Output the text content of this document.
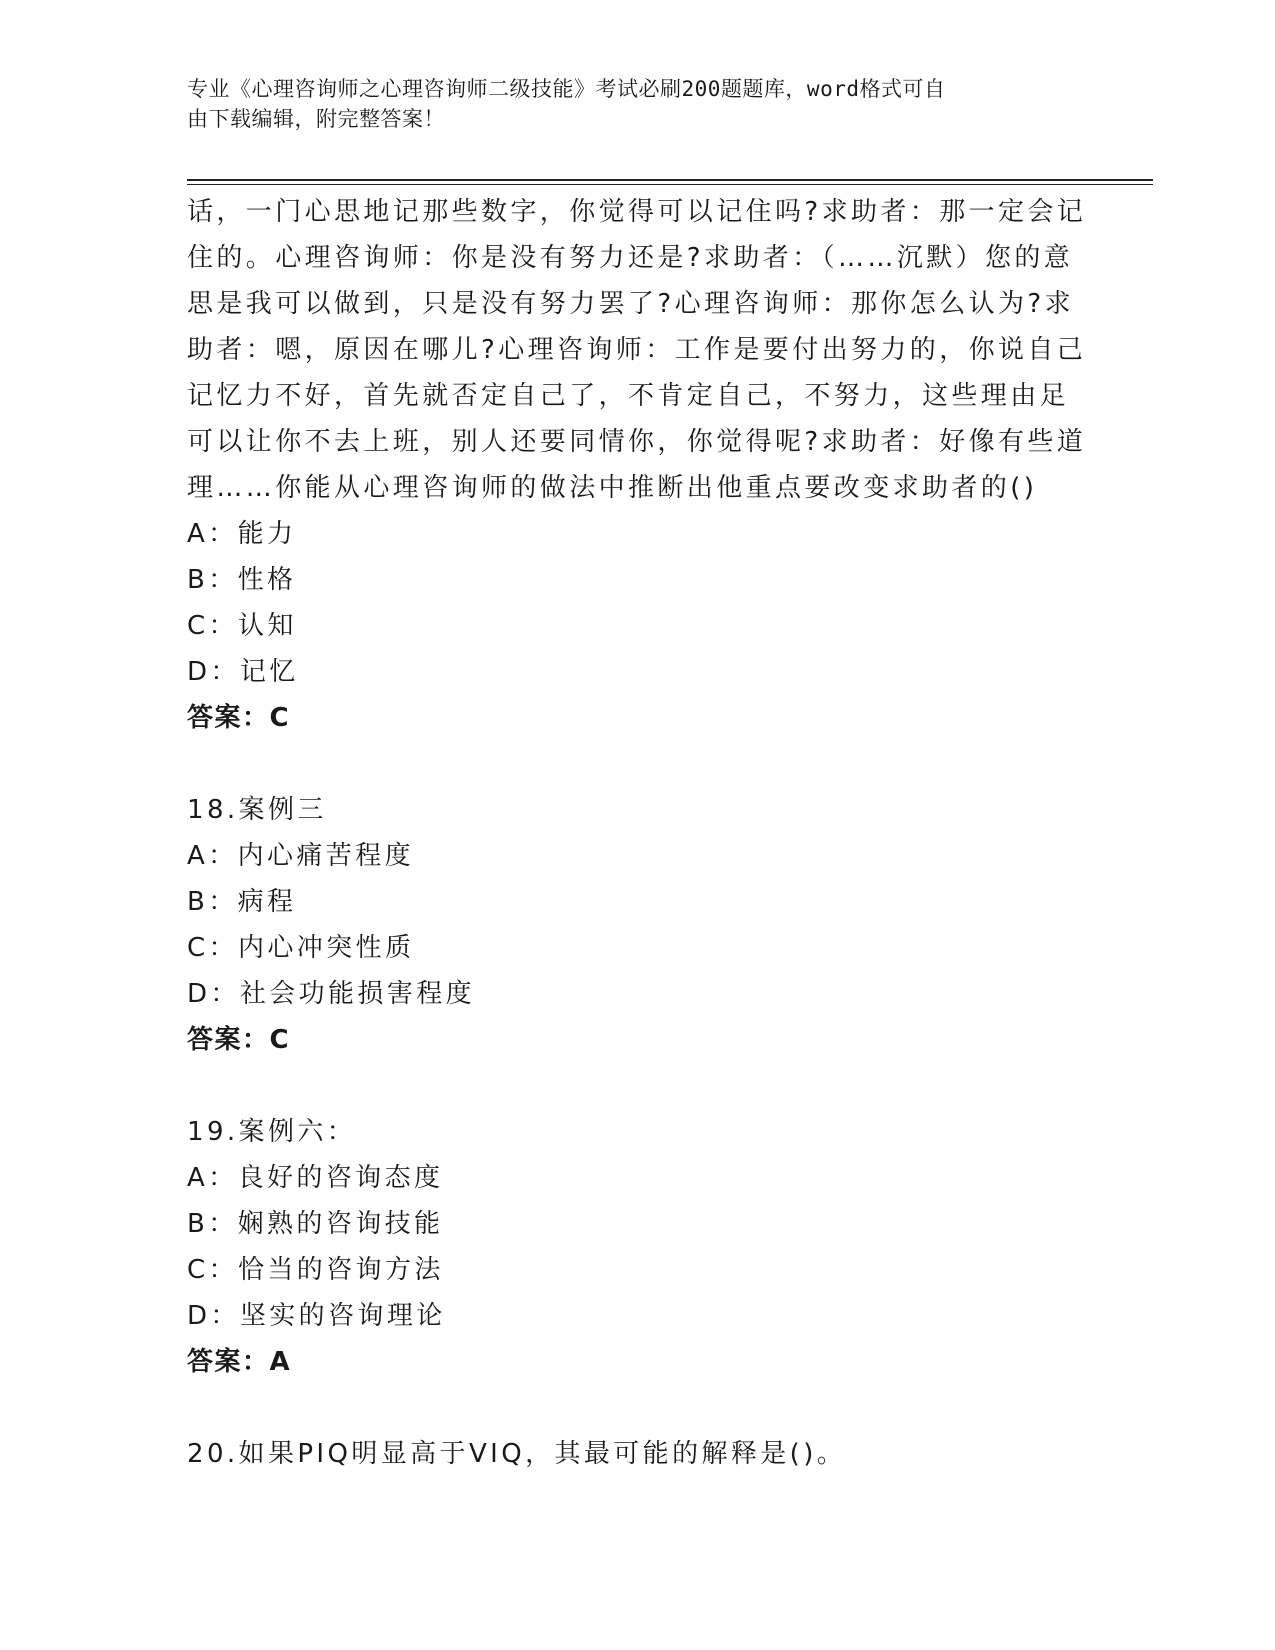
专业《心理咨询师之心理咨询师二级技能》考试必刷200题题库，word格式可自
由下载编辑，附完整答案！
话，一门心思地记那些数字，你觉得可以记住吗?求助者：那一定会记
住的。心理咨询师：你是没有努力还是?求助者：（……沉默）您的意
思是我可以做到，只是没有努力罢了?心理咨询师：那你怎么认为?求
助者：嗯，原因在哪儿?心理咨询师：工作是要付出努力的，你说自己
记忆力不好，首先就否定自己了，不肯定自己，不努力，这些理由足
可以让你不去上班，别人还要同情你，你觉得呢?求助者：好像有些道
理……你能从心理咨询师的做法中推断出他重点要改变求助者的()
A：能力
B：性格
C：认知
D：记忆
答案：C
18.案例三
A：内心痛苦程度
B：病程
C：内心冲突性质
D：社会功能损害程度
答案：C
19.案例六：
A：良好的咨询态度
B：娴熟的咨询技能
C：恰当的咨询方法
D：坚实的咨询理论
答案：A
20.如果PIQ明显高于VIQ，其最可能的解释是()。
